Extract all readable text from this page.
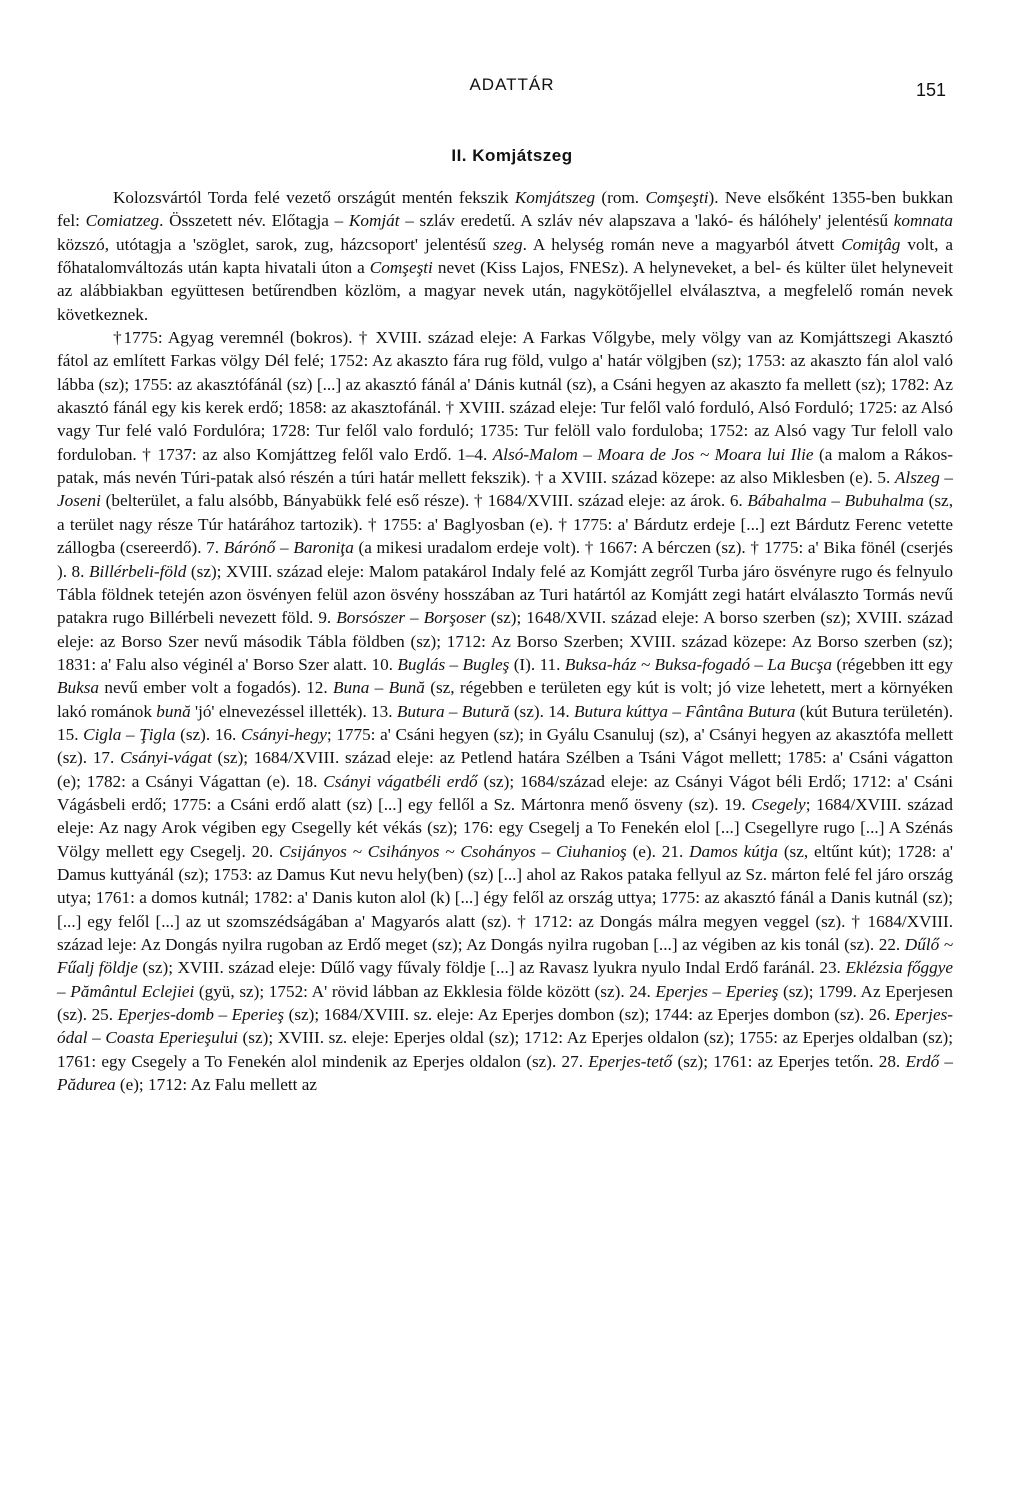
ADATTÁR	151
II. Komjátszeg

Kolozsvártól Torda felé vezető országút mentén fekszik Komjátszeg (rom. Comşeşti). Neve elsőként 1355-ben bukkan fel: Comiatzeg. Összetett név. Előtagja – Komját – szláv eredetű. A szláv név alapszava a 'lakó- és hálóhely' jelentésű komnata közszó, utótagja a 'szöglet, sarok, zug, házcsoport' jelentésű szeg. A helység román neve a magyarból átvett Comiţâg volt, a főhatalomváltozás után kapta hivatali úton a Comşeşti nevet (Kiss Lajos, FNESz). A helyneveket, a bel- és külter ület helyneveit az alábbiakban együttesen betűrendben közlöm, a magyar nevek után, nagykötőjellel elválasztva, a megfelelő román nevek következnek.

†1775: Agyag veremnél (bokros). † XVIII. század eleje: A Farkas Vőlgybe, mely völgy van az Komjáttszegi Akasztó fátol az említett Farkas völgy Dél felé; 1752: Az akaszto fára rug föld, vulgo a' határ völgjben (sz); 1753: az akaszto fán alol való lábba (sz); 1755: az akasztófánál (sz) [...] az akasztó fánál a' Dánis kutnál (sz), a Csáni hegyen az akaszto fa mellett (sz); 1782: Az akasztó fánál egy kis kerek erdő; 1858: az akasztofánál. † XVIII. század eleje: Tur felől való forduló, Alsó Forduló; 1725: az Alsó vagy Tur felé való Fordulóra; 1728: Tur felől valo forduló; 1735: Tur felöll valo forduloba; 1752: az Alsó vagy Tur feloll valo forduloban. † 1737: az also Komjáttzeg felől valo Erdő. 1–4. Alsó-Malom – Moara de Jos ~ Moara lui Ilie (a malom a Rákos-patak, más nevén Túri-patak alsó részén a túri határ mellett fekszik). † a XVIII. század közepe: az also Miklesben (e). 5. Alszeg – Joseni (belterület, a falu alsóbb, Bányabükk felé eső része). † 1684/XVIII. század eleje: az árok. 6. Bábahalma – Bubuhalma (sz, a terület nagy része Túr határához tartozik). † 1755: a' Baglyosban (e). † 1775: a' Bárdutz erdeje [...] ezt Bárdutz Ferenc vetette zállogba (csereerdő). 7. Bárónő – Baroniţa (a mikesi uradalom erdeje volt). † 1667: A bérczen (sz). † 1775: a' Bika fönél (cserjés ). 8. Billérbeli-föld (sz); XVIII. század eleje: Malom patakárol Indaly felé az Komjátt zegről Turba járo ösvényre rugo és felnyulo Tábla földnek tetején azon ösvényen felül azon ösvény hosszában az Turi határtól az Komjátt zegi határt elválaszto Tormás nevű patakra rugo Billérbeli nevezett föld. 9. Borsószer – Borşoser (sz); 1648/XVII. század eleje: A borso szerben (sz); XVIII. század eleje: az Borso Szer nevű második Tábla földben (sz); 1712: Az Borso Szerben; XVIII. század közepe: Az Borso szerben (sz); 1831: a' Falu also véginél a' Borso Szer alatt. 10. Buglás – Bugleş (I). 11. Buksa-ház ~ Buksa-fogadó – La Bucşa (régebben itt egy Buksa nevű ember volt a fogadós). 12. Buna – Bună (sz, régebben e területen egy kút is volt; jó vize lehetett, mert a környéken lakó románok bună 'jó' elnevezéssel illették). 13. Butura – Butură (sz). 14. Butura kúttya – Fântâna Butura (kút Butura területén). 15. Cigla – Ţigla (sz). 16. Csányi-hegy; 1775: a' Csáni hegyen (sz); in Gyálu Csanuluj (sz), a' Csányi hegyen az akasztófa mellett (sz). 17. Csányi-vágat (sz); 1684/XVIII. század eleje: az Petlend határa Szélben a Tsáni Vágot mellett; 1785: a' Csáni vágatton (e); 1782: a Csányi Vágattan (e). 18. Csányi vágatbéli erdő (sz); 1684/század eleje: az Csányi Vágot béli Erdő; 1712: a' Csáni Vágásbeli erdő; 1775: a Csáni erdő alatt (sz) [...] egy fellől a Sz. Mártonra menő ösveny (sz). 19. Csegely; 1684/XVIII. század eleje: Az nagy Arok végiben egy Csegelly két vékás (sz); 176: egy Csegelj a To Fenekén elol [...] Csegellyre rugo [...] A Szénás Völgy mellett egy Csegelj. 20. Csijányos ~ Csihányos ~ Csohányos – Ciuhanioş (e). 21. Damos kútja (sz, eltűnt kút); 1728: a' Damus kuttyánál (sz); 1753: az Damus Kut nevu hely(ben) (sz) [...] ahol az Rakos pataka fellyul az Sz. márton felé fel járo ország utya; 1761: a domos kutnál; 1782: a' Danis kuton alol (k) [...] égy felől az ország uttya; 1775: az akasztó fánál a Danis kutnál (sz); [...] egy felől [...] az ut szomszédságában a' Magyarós alatt (sz). † 1712: az Dongás málra megyen veggel (sz). † 1684/XVIII. század leje: Az Dongás nyilra rugoban az Erdő meget (sz); Az Dongás nyilra rugoban [...] az végiben az kis tonál (sz). 22. Dűlő ~ Fűalj földje (sz); XVIII. század eleje: Dűlő vagy fűvaly földje [...] az Ravasz lyukra nyulo Indal Erdő faránál. 23. Eklézsia főggye – Pământul Eclejiei (gyü, sz); 1752: A' rövid lábban az Ekklesia földe között (sz). 24. Eperjes – Eperieş (sz); 1799. Az Eperjesen (sz). 25. Eperjes-domb – Eperieş (sz); 1684/XVIII. sz. eleje: Az Eperjes dombon (sz); 1744: az Eperjes dombon (sz). 26. Eperjes-ódal – Coasta Eperieşului (sz); XVIII. sz. eleje: Eperjes oldal (sz); 1712: Az Eperjes oldalon (sz); 1755: az Eperjes oldalban (sz); 1761: egy Csegely a To Fenekén alol mindenik az Eperjes oldalon (sz). 27. Eperjes-tető (sz); 1761: az Eperjes tetőn. 28. Erdő – Pădurea (e); 1712: Az Falu mellett az
